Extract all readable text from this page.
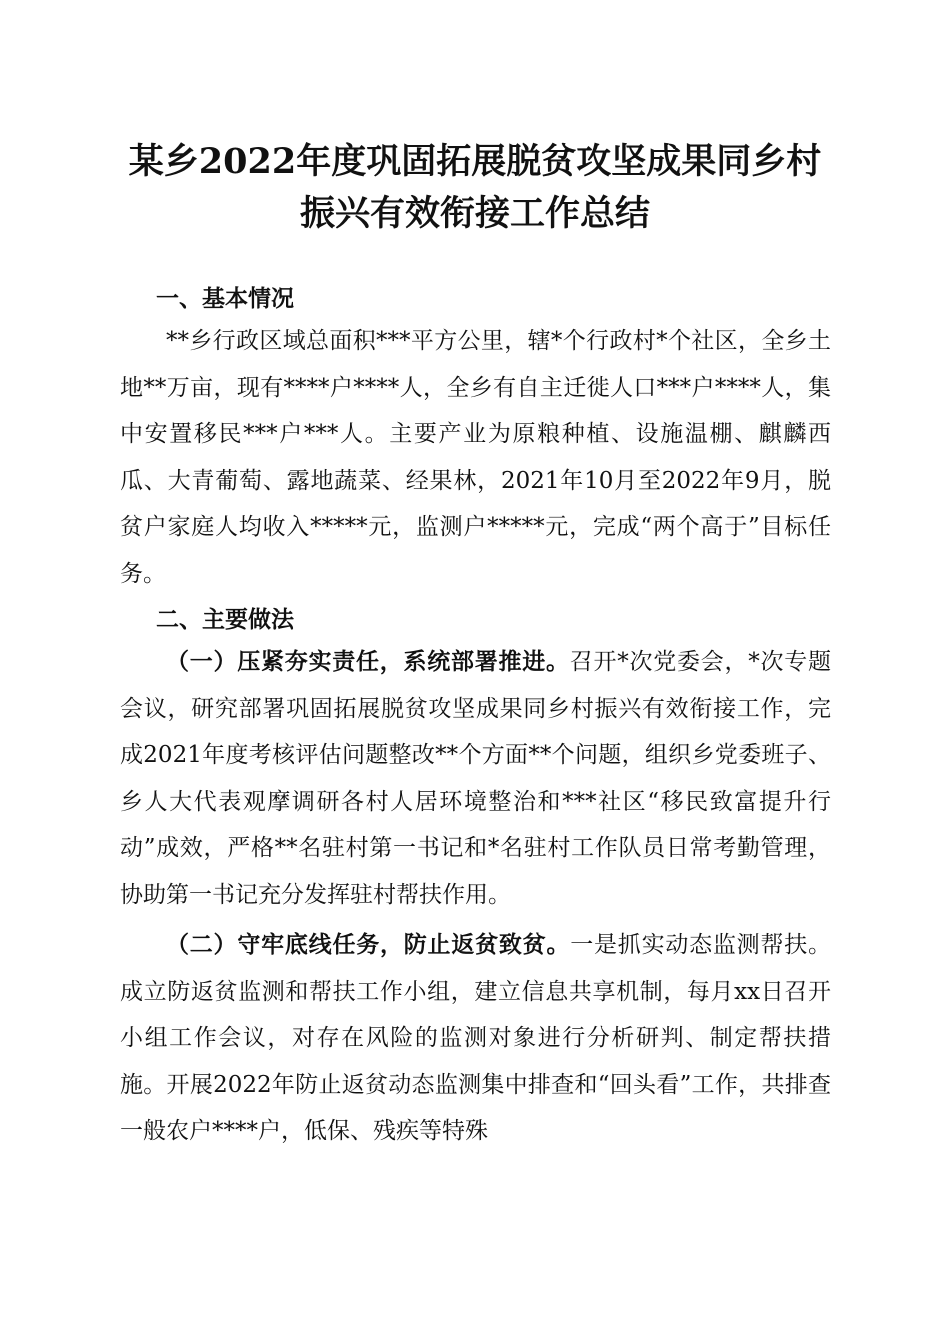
某乡2022年度巩固拓展脱贫攻坚成果同乡村
振兴有效衔接工作总结
一、基本情况

**乡行政区域总面积***平方公里，辖*个行政村*个社区，全乡土地**万亩，现有****户****人，全乡有自主迁徙人口***户****人，集中安置移民***户***人。主要产业为原粮种植、设施温棚、麒麟西瓜、大青葡萄、露地蔬菜、经果林，2021年10月至2022年9月，脱贫户家庭人均收入*****元，监测户*****元，完成“两个高于”目标任务。

二、主要做法

（一）压紧夯实责任，系统部署推进。召开*次党委会，*次专题会议，研究部署巩固拓展脱贫攻坚成果同乡村振兴有效衔接工作，完成2021年度考核评估问题整改**个方面**个问题，组织乡党委班子、乡人大代表观摩调研各村人居环境整治和***社区“移民致富提升行动”成效，严格**名驻村第一书记和*名驻村工作队员日常考勤管理，协助第一书记充分发挥驻村帮扶作用。

（二）守牢底线任务，防止返贫致贫。一是抓实动态监测帮扶。成立防返贫监测和帮扶工作小组，建立信息共享机制，每月xx日召开小组工作会议，对存在风险的监测对象进行分析研判、制定帮扶措施。开展2022年防止返贫动态监测集中排查和“回头看”工作，共排查一般农户****户，低保、残疾等特殊
